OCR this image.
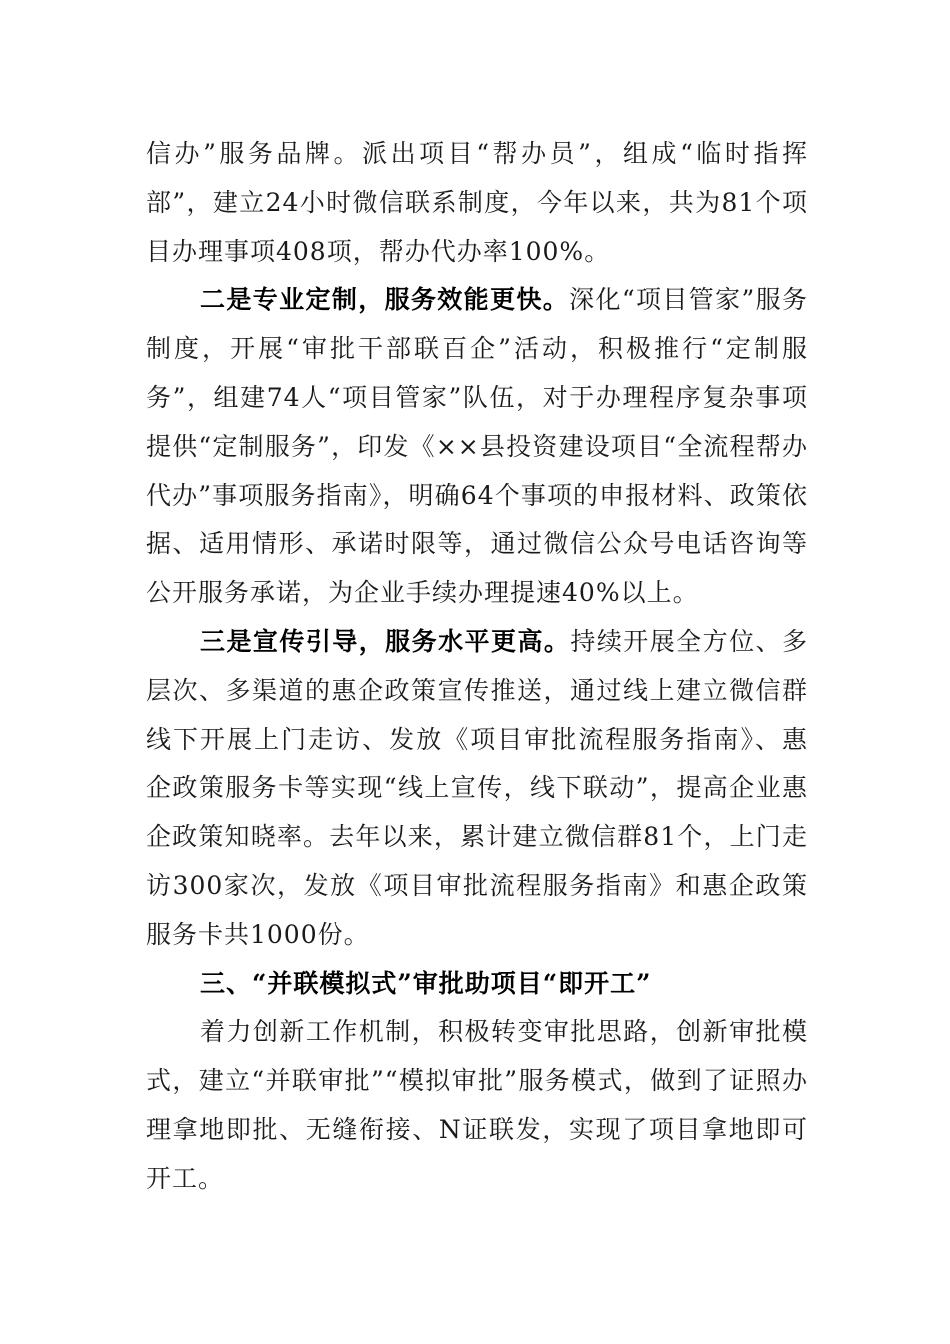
信办”服务品牌。派出项目“帮办员”，组成“临时指挥部”，建立24小时微信联系制度，今年以来，共为81个项目办理事项408项，帮办代办率100%。

二是专业定制，服务效能更快。深化“项目管家”服务制度，开展“审批干部联百企”活动，积极推行“定制服务”，组建74人“项目管家”队伍，对于办理程序复杂事项提供“定制服务”，印发《××县投资建设项目“全流程帮办代办”事项服务指南》，明确64个事项的申报材料、政策依据、适用情形、承诺时限等，通过微信公众号电话咨询等公开服务承诺，为企业手续办理提速40%以上。

三是宣传引导，服务水平更高。持续开展全方位、多层次、多渠道的惠企政策宣传推送，通过线上建立微信群线下开展上门走访、发放《项目审批流程服务指南》、惠企政策服务卡等实现“线上宣传，线下联动”，提高企业惠企政策知晓率。去年以来，累计建立微信群81个，上门走访300家次，发放《项目审批流程服务指南》和惠企政策服务卡共1000份。

三、“并联模拟式”审批助项目“即开工”

着力创新工作机制，积极转变审批思路，创新审批模式，建立“并联审批”“模拟审批”服务模式，做到了证照办理拿地即批、无缝衔接、N证联发，实现了项目拿地即可开工。
